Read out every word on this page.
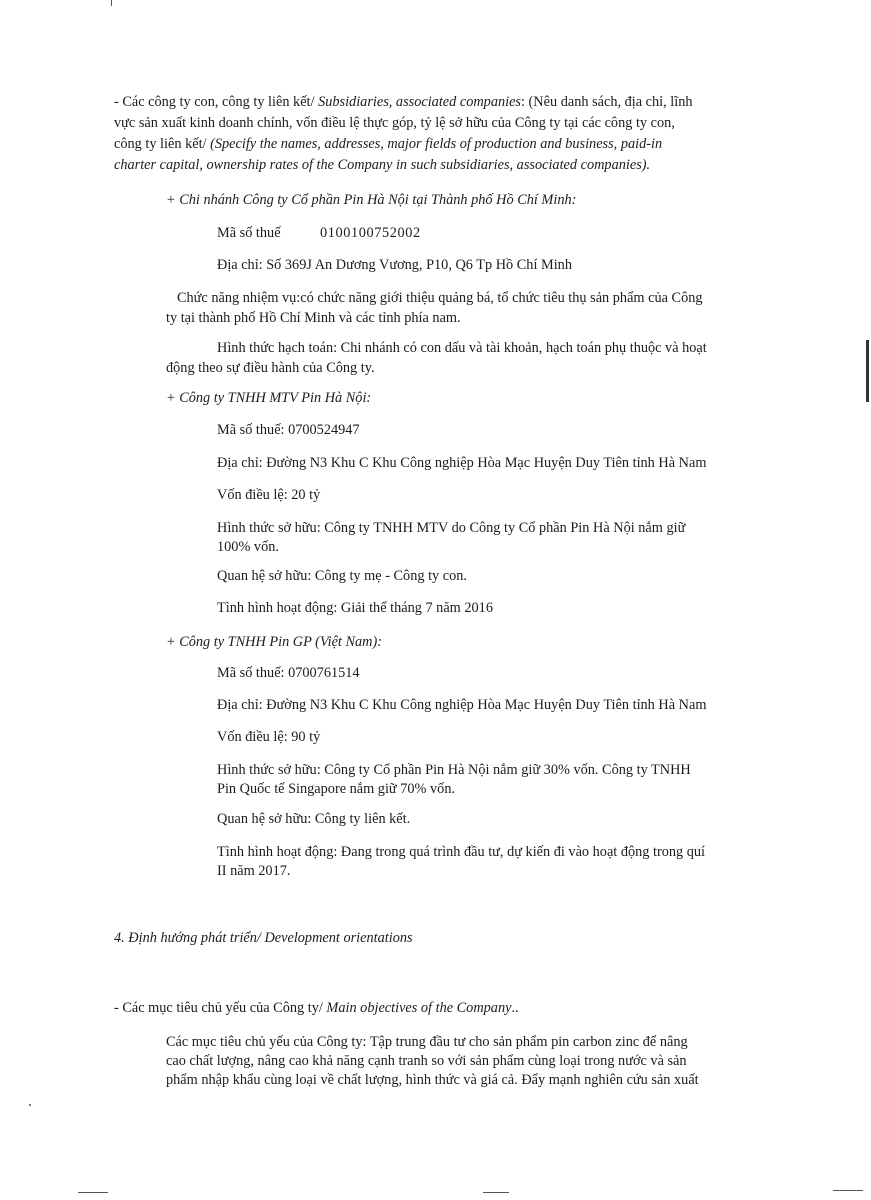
- Các công ty con, công ty liên kết/ Subsidiaries, associated companies: (Nêu danh sách, địa chỉ, lĩnh

vực sản xuất kinh doanh chính, vốn điều lệ thực góp, tỷ lệ sở hữu của Công ty tại các công ty con,

công ty liên kết/ (Specify the names, addresses, major fields of production and business, paid-in

charter capital, ownership rates of the Company in such subsidiaries, associated companies).

+ Chi nhánh Công ty Cổ phần Pin Hà Nội tại Thành phố Hồ Chí Minh:

Mã số thuế	0100100752002

Địa chỉ: Số 369J An Dương Vương, P10, Q6 Tp Hồ Chí Minh

Chức năng nhiệm vụ:có chức năng giới thiệu quảng bá, tổ chức tiêu thụ sản phẩm của Công

ty tại thành phố Hồ Chí Minh và các tỉnh phía nam.

Hình thức hạch toán: Chi nhánh có con dấu và tài khoản, hạch toán phụ thuộc và hoạt

động theo sự điều hành của Công ty.

+ Công ty TNHH MTV Pin Hà Nội:

Mã số thuế: 0700524947

Địa chỉ: Đường N3 Khu C Khu Công nghiệp Hòa Mạc Huyện Duy Tiên tỉnh Hà Nam

Vốn điều lệ: 20 tỷ

Hình thức sở hữu: Công ty TNHH MTV do Công ty Cổ phần Pin Hà Nội nắm giữ

100% vốn.

Quan hệ sở hữu: Công ty mẹ - Công ty con.

Tình hình hoạt động: Giải thể tháng 7 năm 2016

+ Công ty TNHH Pin GP (Việt Nam):

Mã số thuế: 0700761514

Địa chỉ: Đường N3 Khu C Khu Công nghiệp Hòa Mạc Huyện Duy Tiên tỉnh Hà Nam

Vốn điều lệ: 90 tỷ

Hình thức sở hữu: Công ty Cổ phần Pin Hà Nội nắm giữ 30% vốn. Công ty TNHH

Pin Quốc tế Singapore nắm giữ 70% vốn.

Quan hệ sở hữu: Công ty liên kết.

Tình hình hoạt động: Đang trong quá trình đầu tư, dự kiến đi vào hoạt động trong quí

II năm 2017.

4. Định hướng phát triển/ Development orientations

- Các mục tiêu chủ yếu của Công ty/ Main objectives of the Company..

Các mục tiêu chủ yếu của Công ty: Tập trung đầu tư cho sản phẩm pin carbon zinc để nâng

cao chất lượng, nâng cao khả năng cạnh tranh so với sản phẩm cùng loại trong nước và sản

phẩm nhập khẩu cùng loại về chất lượng, hình thức và giá cả. Đẩy mạnh nghiên cứu sản xuất
